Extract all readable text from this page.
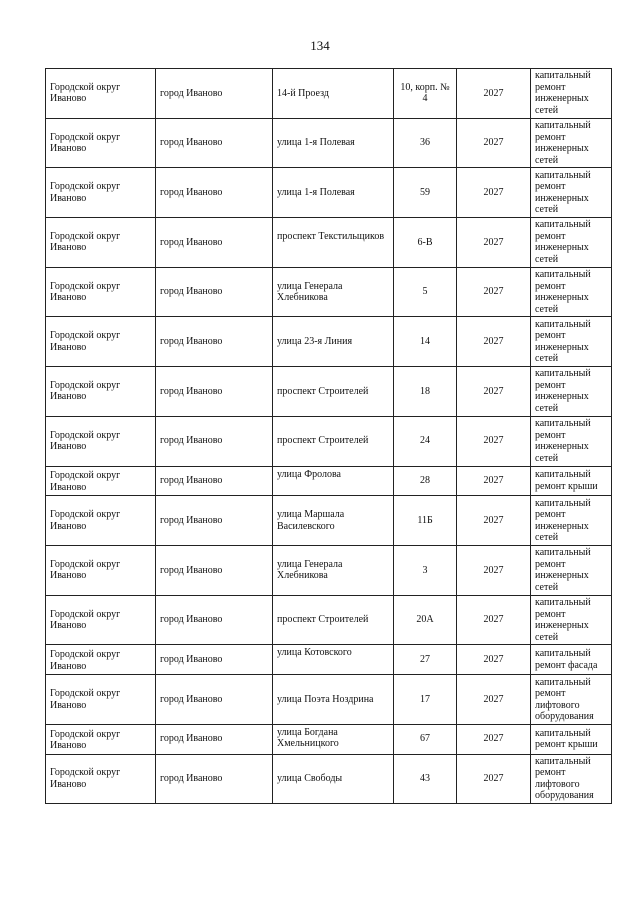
134
Городской округ Иваново	город Иваново	14-й Проезд	10, корп. № 4	2027	капитальный ремонт инженерных сетей
Городской округ Иваново	город Иваново	улица 1-я Полевая	36	2027	капитальный ремонт инженерных сетей
Городской округ Иваново	город Иваново	улица 1-я Полевая	59	2027	капитальный ремонт инженерных сетей
Городской округ Иваново	город Иваново	проспект Текстильщиков	6-В	2027	капитальный ремонт инженерных сетей
Городской округ Иваново	город Иваново	улица Генерала Хлебникова	5	2027	капитальный ремонт инженерных сетей
Городской округ Иваново	город Иваново	улица 23-я Линия	14	2027	капитальный ремонт инженерных сетей
Городской округ Иваново	город Иваново	проспект Строителей	18	2027	капитальный ремонт инженерных сетей
Городской округ Иваново	город Иваново	проспект Строителей	24	2027	капитальный ремонт инженерных сетей
Городской округ Иваново	город Иваново	улица Фролова	28	2027	капитальный ремонт крыши
Городской округ Иваново	город Иваново	улица Маршала Василевского	11Б	2027	капитальный ремонт инженерных сетей
Городской округ Иваново	город Иваново	улица Генерала Хлебникова	3	2027	капитальный ремонт инженерных сетей
Городской округ Иваново	город Иваново	проспект Строителей	20А	2027	капитальный ремонт инженерных сетей
Городской округ Иваново	город Иваново	улица Котовского	27	2027	капитальный ремонт фасада
Городской округ Иваново	город Иваново	улица Поэта Ноздрина	17	2027	капитальный ремонт лифтового оборудования
Городской округ Иваново	город Иваново	улица Богдана Хмельницкого	67	2027	капитальный ремонт крыши
Городской округ Иваново	город Иваново	улица Свободы	43	2027	капитальный ремонт лифтового оборудования
